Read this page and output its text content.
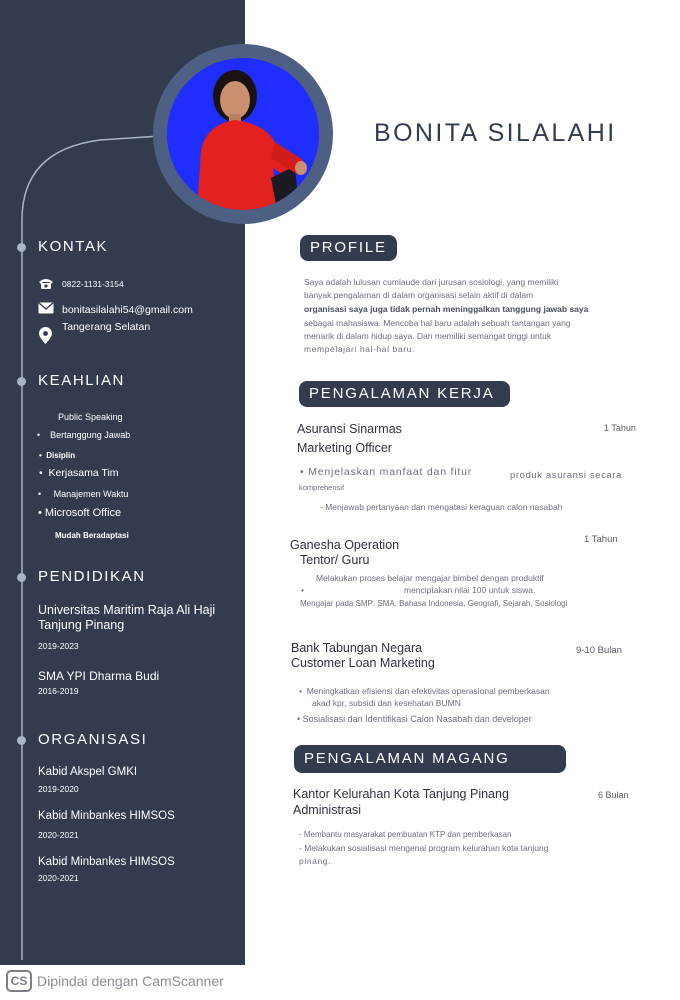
BONITA SILALAHI
KONTAK
0822-1131-3154
bonitasilalahi54@gmail.com
Tangerang Selatan
KEAHLIAN
Public Speaking
•    Bertanggung Jawab
•  Disiplin
•  Kerjasama Tim
•     Manajemen Waktu
• Microsoft Office
Mudah Beradaptasi
PENDIDIKAN
Universitas Maritim Raja Ali Haji
Tanjung Pinang
2019-2023
SMA YPI Dharma Budi
2016-2019
ORGANISASI
Kabid Akspel GMKI
2019-2020
Kabid Minbankes HIMSOS
2020-2021
Kabid Minbankes HIMSOS
2020-2021
PROFILE
Saya adalah lulusan cumlaude dari jurusan sosiologi, yang memiliki
banyak pengalaman di dalam organisasi selain aktif di dalam
organisasi saya juga tidak pernah meninggalkan tanggung jawab saya
sebagai mahasiswa. Mencoba hal baru adalah sebuah tantangan yang
menarik di dalam hidup saya. Dan memiliki semangat tinggi untuk
mempelajari hal-hal baru.
PENGALAMAN KERJA
Asuransi Sinarmas	1 Tahun
Marketing Officer
• Menjelaskan manfaat dan fitur	produk asuransi secara
komprehensif
- Menjawab pertanyaan dan mengatasi keraguan calon nasabah
Ganesha Operation	1 Tahun
Tentor/ Guru
Melakukan proses belajar mengajar bimbel dengan produktif
•	menciptakan nilai 100 untuk siswa.
Mengajar pada SMP: SMA, Bahasa Indonesia, Geografi, Sejarah, Sosiologi
Bank Tabungan Negara	9-10 Bulan
Customer Loan Marketing
•  Meningkatkan efisiensi dan efektivitas operasional pemberkasan
akad kpr, subsidi dan kesehatan BUMN
• Sosialisasi dan Identifikasi Calon Nasabah dan developer
PENGALAMAN MAGANG
Kantor Kelurahan Kota Tanjung Pinang	6 Bulan
Administrasi
- Membantu masyarakat pembuatan KTP dan pemberkasan
- Melakukan sosialisasi mengenai program kelurahan kota tanjung
pinang.
CS Dipindai dengan CamScanner
